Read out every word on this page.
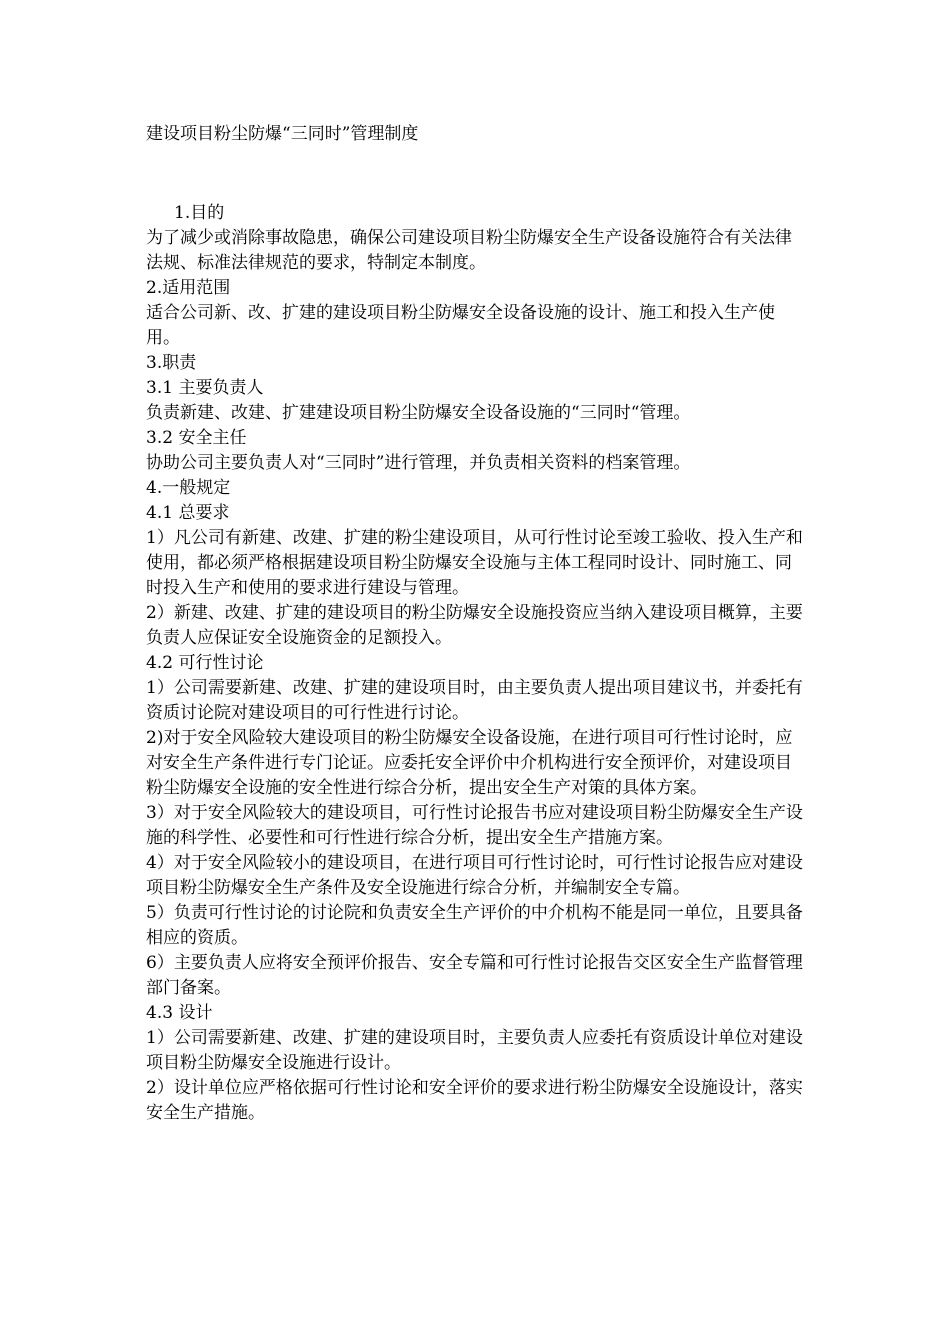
建设项目粉尘防爆“三同时”管理制度

1.目的

为了减少或消除事故隐患，确保公司建设项目粉尘防爆安全生产设备设施符合有关法律法规、标准法律规范的要求，特制定本制度。

2.适用范围

适合公司新、改、扩建的建设项目粉尘防爆安全设备设施的设计、施工和投入生产使用。

3.职责

3.1 主要负责人

负责新建、改建、扩建建设项目粉尘防爆安全设备设施的“三同时“管理。

3.2 安全主任

协助公司主要负责人对“三同时”进行管理，并负责相关资料的档案管理。

4.一般规定

4.1 总要求

1）凡公司有新建、改建、扩建的粉尘建设项目，从可行性讨论至竣工验收、投入生产和使用，都必须严格根据建设项目粉尘防爆安全设施与主体工程同时设计、同时施工、同时投入生产和使用的要求进行建设与管理。

2）新建、改建、扩建的建设项目的粉尘防爆安全设施投资应当纳入建设项目概算，主要负责人应保证安全设施资金的足额投入。

4.2 可行性讨论

1）公司需要新建、改建、扩建的建设项目时，由主要负责人提出项目建议书，并委托有资质讨论院对建设项目的可行性进行讨论。

2)对于安全风险较大建设项目的粉尘防爆安全设备设施，在进行项目可行性讨论时，应对安全生产条件进行专门论证。应委托安全评价中介机构进行安全预评价，对建设项目粉尘防爆安全设施的安全性进行综合分析，提出安全生产对策的具体方案。

3）对于安全风险较大的建设项目，可行性讨论报告书应对建设项目粉尘防爆安全生产设施的科学性、必要性和可行性进行综合分析，提出安全生产措施方案。

4）对于安全风险较小的建设项目，在进行项目可行性讨论时，可行性讨论报告应对建设项目粉尘防爆安全生产条件及安全设施进行综合分析，并编制安全专篇。

5）负责可行性讨论的讨论院和负责安全生产评价的中介机构不能是同一单位，且要具备相应的资质。

6）主要负责人应将安全预评价报告、安全专篇和可行性讨论报告交区安全生产监督管理部门备案。

4.3 设计

1）公司需要新建、改建、扩建的建设项目时，主要负责人应委托有资质设计单位对建设项目粉尘防爆安全设施进行设计。

2）设计单位应严格依据可行性讨论和安全评价的要求进行粉尘防爆安全设施设计，落实安全生产措施。
